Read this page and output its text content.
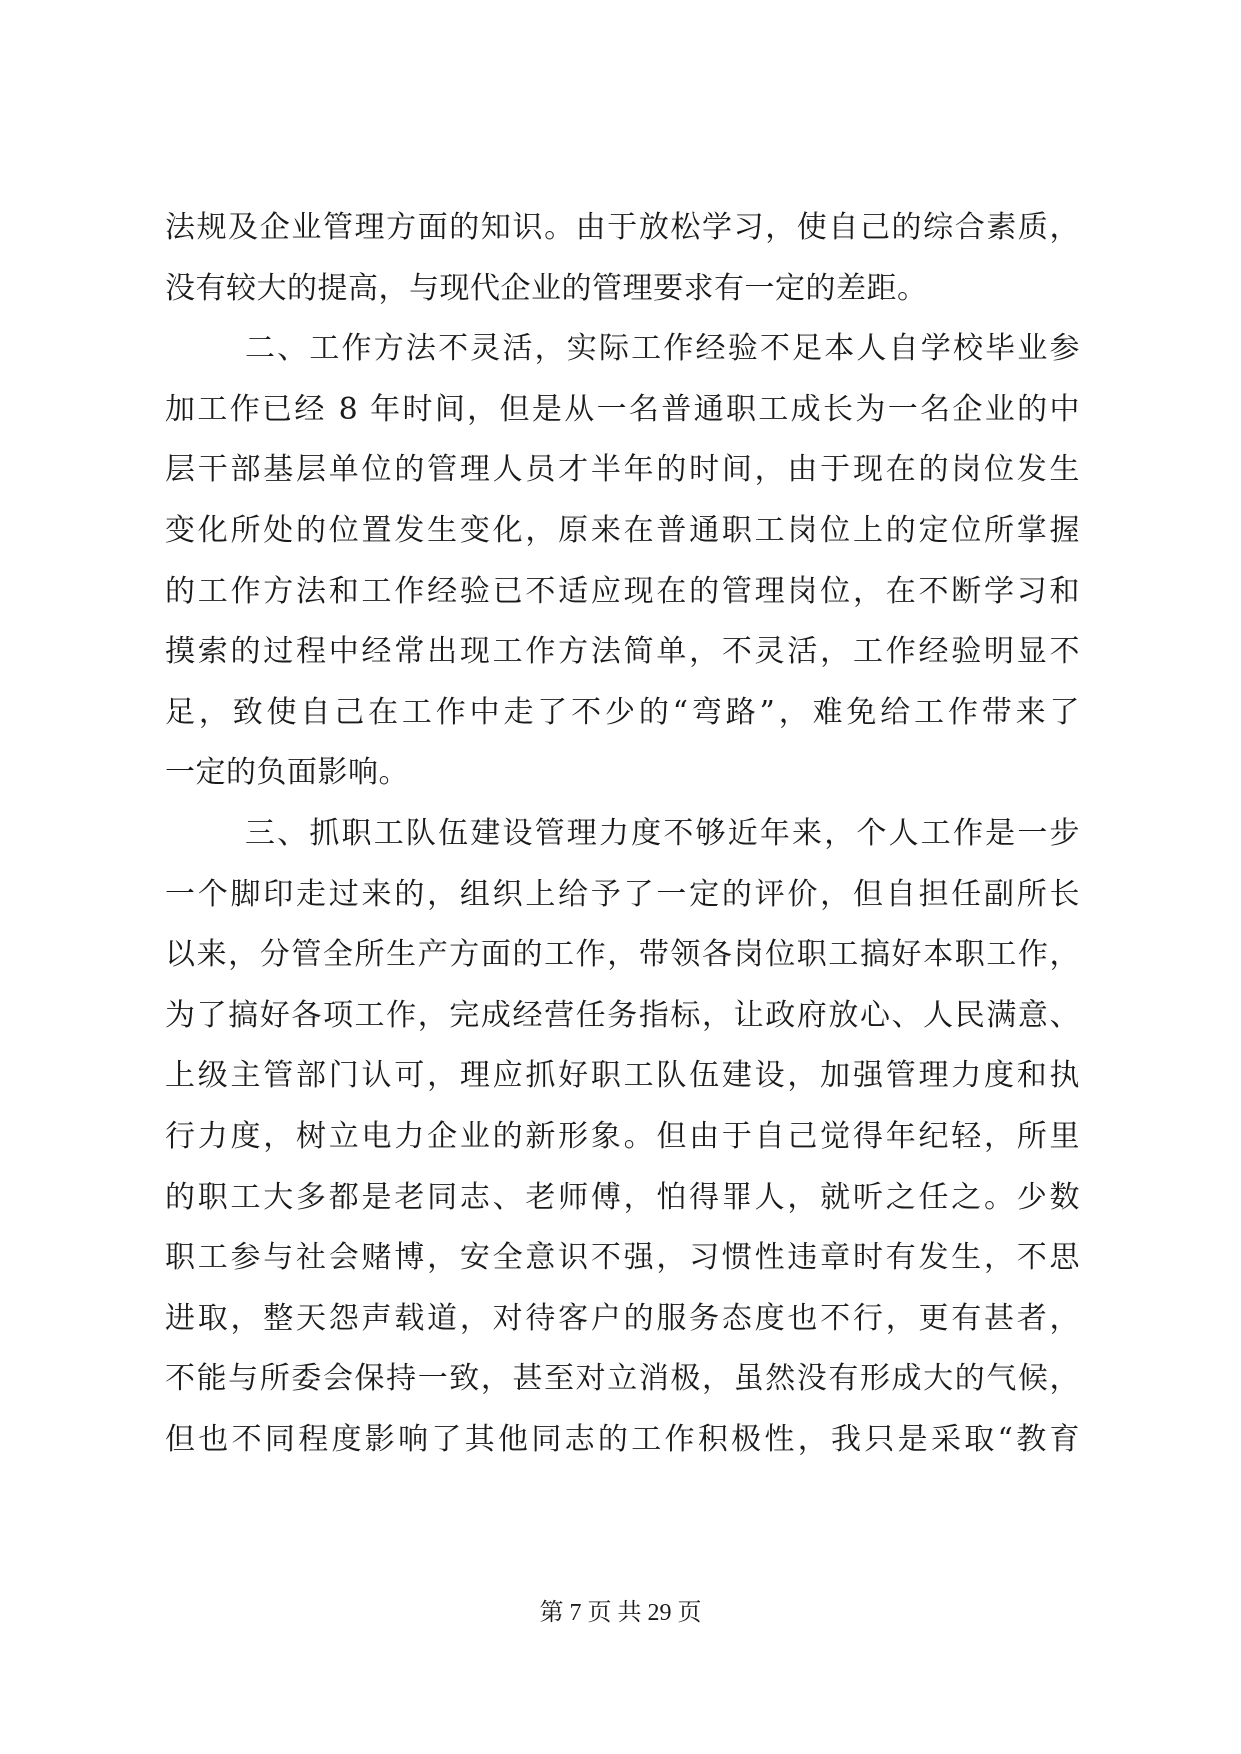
法规及企业管理方面的知识。由于放松学习，使自己的综合素质，
没有较大的提高，与现代企业的管理要求有一定的差距。
二、工作方法不灵活，实际工作经验不足本人自学校毕业参
加工作已经 8 年时间，但是从一名普通职工成长为一名企业的中
层干部基层单位的管理人员才半年的时间，由于现在的岗位发生
变化所处的位置发生变化，原来在普通职工岗位上的定位所掌握
的工作方法和工作经验已不适应现在的管理岗位，在不断学习和
摸索的过程中经常出现工作方法简单，不灵活，工作经验明显不
足，致使自己在工作中走了不少的“弯路”，难免给工作带来了
一定的负面影响。
三、抓职工队伍建设管理力度不够近年来，个人工作是一步
一个脚印走过来的，组织上给予了一定的评价，但自担任副所长
以来，分管全所生产方面的工作，带领各岗位职工搞好本职工作，
为了搞好各项工作，完成经营任务指标，让政府放心、人民满意、
上级主管部门认可，理应抓好职工队伍建设，加强管理力度和执
行力度，树立电力企业的新形象。但由于自己觉得年纪轻，所里
的职工大多都是老同志、老师傅，怕得罪人，就听之任之。少数
职工参与社会赌博，安全意识不强，习惯性违章时有发生，不思
进取，整天怨声载道，对待客户的服务态度也不行，更有甚者，
不能与所委会保持一致，甚至对立消极，虽然没有形成大的气候，
但也不同程度影响了其他同志的工作积极性，我只是采取“教育
第 7 页 共 29 页
